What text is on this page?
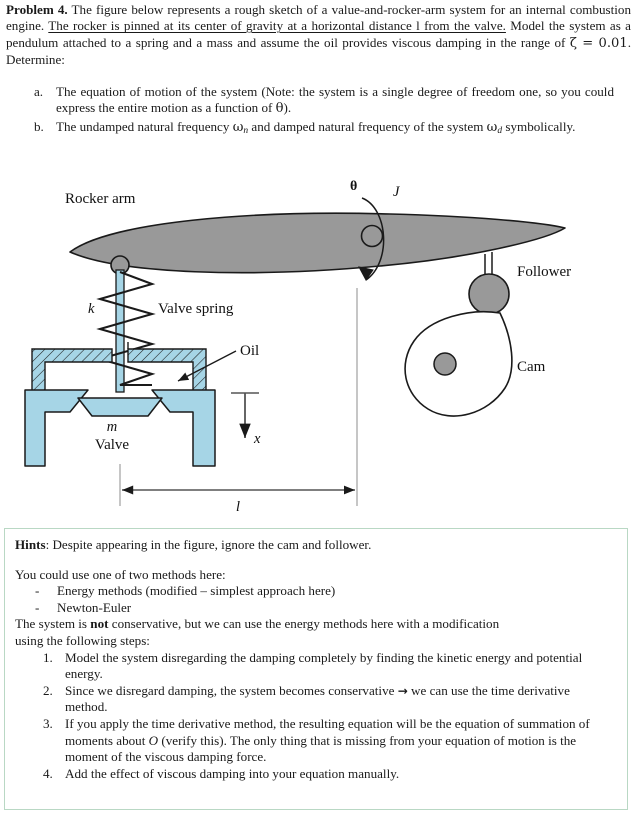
Problem 4. The figure below represents a rough sketch of a value-and-rocker-arm system for an internal combustion engine. The rocker is pinned at its center of gravity at a horizontal distance l from the valve. Model the system as a pendulum attached to a spring and a mass and assume the oil provides viscous damping in the range of ζ = 0.01. Determine:
a. The equation of motion of the system (Note: the system is a single degree of freedom one, so you could express the entire motion as a function of θ).
b. The undamped natural frequency $\omega_n$ and damped natural frequency of the system $\omega_d$ symbolically.
θ J
Rocker arm
k	Valve spring
Oil
m
Valve	x
Follower
Cam
l
Hints: Despite appearing in the figure, ignore the cam and follower.
You could use one of two methods here:
-	Energy methods (modified – simplest approach here)
-	Newton-Euler
The system is not conservative, but we can use the energy methods here with a modification
using the following steps:
1. Model the system disregarding the damping completely by finding the kinetic energy and potential energy.
2. Since we disregard damping, the system becomes conservative → we can use the time derivative method.
3. If you apply the time derivative method, the resulting equation will be the equation of summation of moments about O (verify this). The only thing that is missing from your equation of motion is the moment of the viscous damping force.
4. Add the effect of viscous damping into your equation manually.
